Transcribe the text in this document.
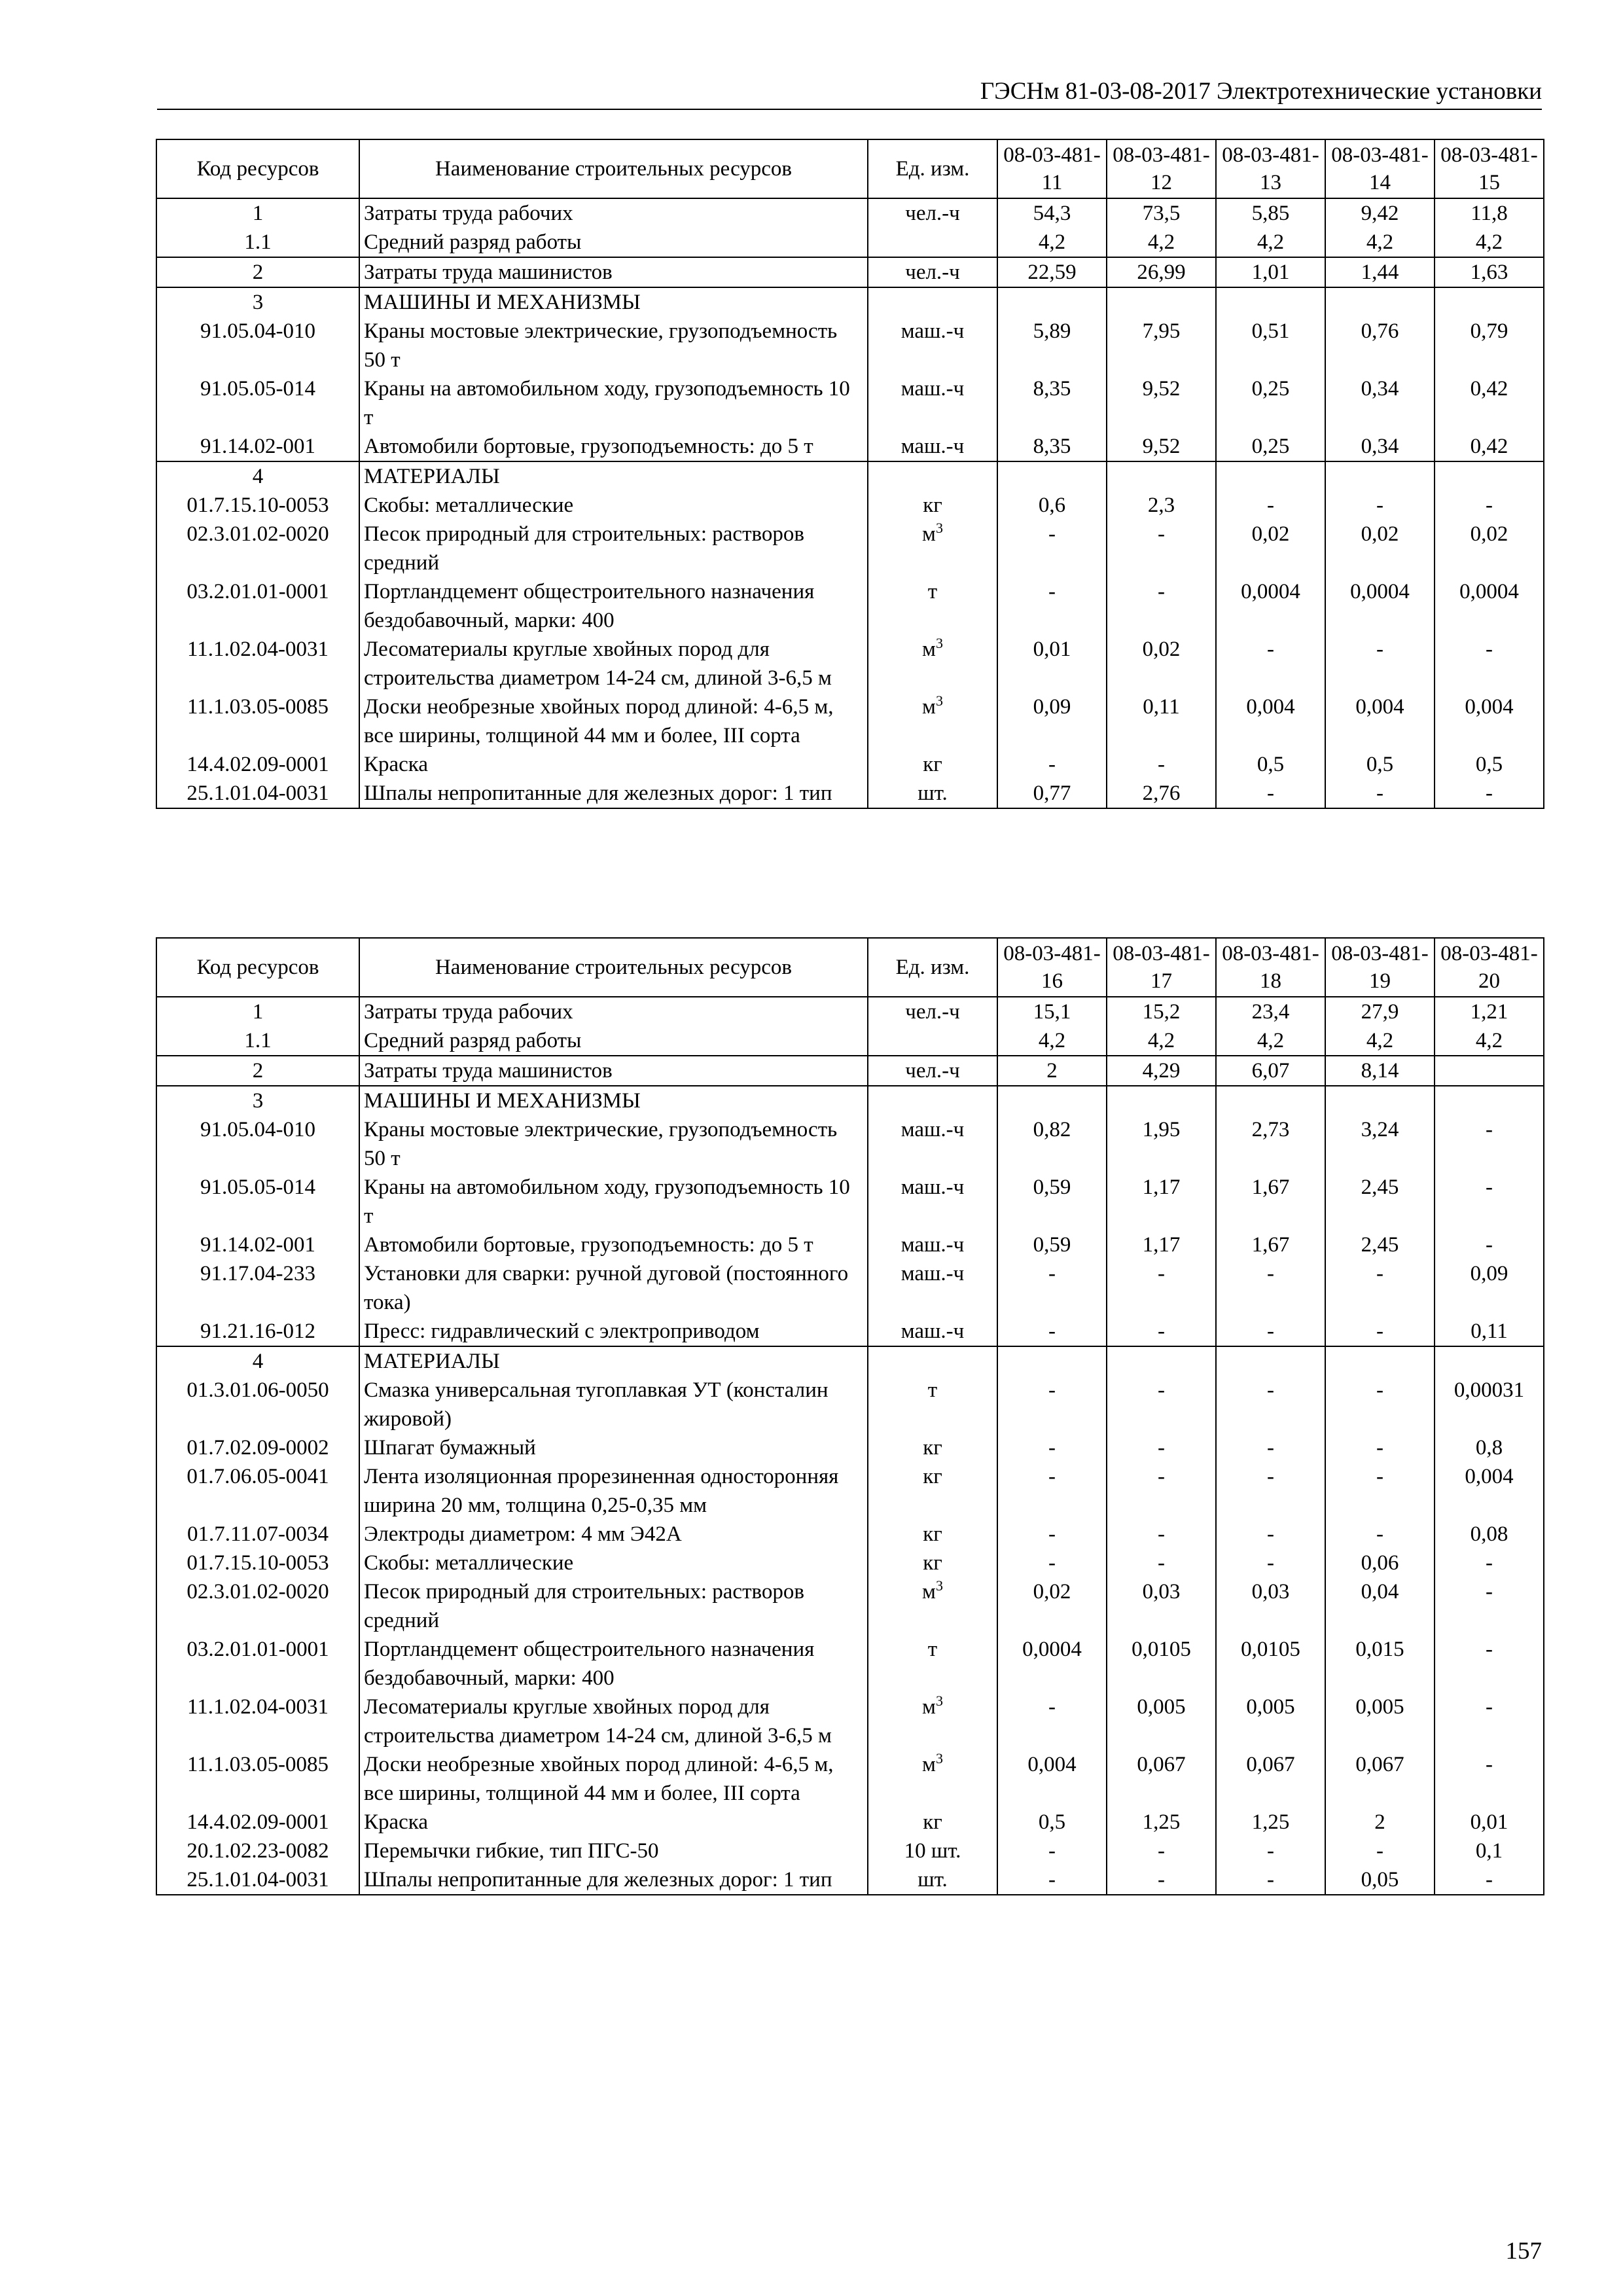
ГЭСНм 81-03-08-2017 Электротехнические установки
Код ресурсов	Наименование строительных ресурсов	Ед. изм.	08-03-481-11	08-03-481-12	08-03-481-13	08-03-481-14	08-03-481-15
1	Затраты труда рабочих	чел.-ч	54,3	73,5	5,85	9,42	11,8
1.1	Средний разряд работы		4,2	4,2	4,2	4,2	4,2
2	Затраты труда машинистов	чел.-ч	22,59	26,99	1,01	1,44	1,63
3	МАШИНЫ И МЕХАНИЗМЫ						
91.05.04-010	Краны мостовые электрические, грузоподъемность 50 т	маш.-ч	5,89	7,95	0,51	0,76	0,79
91.05.05-014	Краны на автомобильном ходу, грузоподъемность 10 т	маш.-ч	8,35	9,52	0,25	0,34	0,42
91.14.02-001	Автомобили бортовые, грузоподъемность: до 5 т	маш.-ч	8,35	9,52	0,25	0,34	0,42
4	МАТЕРИАЛЫ						
01.7.15.10-0053	Скобы: металлические	кг	0,6	2,3	-	-	-
02.3.01.02-0020	Песок природный для строительных: растворов средний	$м^3$	-	-	0,02	0,02	0,02
03.2.01.01-0001	Портландцемент общестроительного назначения бездобавочный, марки: 400	т	-	-	0,0004	0,0004	0,0004
11.1.02.04-0031	Лесоматериалы круглые хвойных пород для строительства диаметром 14-24 см, длиной 3-6,5 м	$м^3$	0,01	0,02	-	-	-
11.1.03.05-0085	Доски необрезные хвойных пород длиной: 4-6,5 м, все ширины, толщиной 44 мм и более, III сорта	$м^3$	0,09	0,11	0,004	0,004	0,004
14.4.02.09-0001	Краска	кг	-	-	0,5	0,5	0,5
25.1.01.04-0031	Шпалы непропитанные для железных дорог: 1 тип	шт.	0,77	2,76	-	-	-
Код ресурсов	Наименование строительных ресурсов	Ед. изм.	08-03-481-16	08-03-481-17	08-03-481-18	08-03-481-19	08-03-481-20
1	Затраты труда рабочих	чел.-ч	15,1	15,2	23,4	27,9	1,21
1.1	Средний разряд работы		4,2	4,2	4,2	4,2	4,2
2	Затраты труда машинистов	чел.-ч	2	4,29	6,07	8,14	
3	МАШИНЫ И МЕХАНИЗМЫ						
91.05.04-010	Краны мостовые электрические, грузоподъемность 50 т	маш.-ч	0,82	1,95	2,73	3,24	-
91.05.05-014	Краны на автомобильном ходу, грузоподъемность 10 т	маш.-ч	0,59	1,17	1,67	2,45	-
91.14.02-001	Автомобили бортовые, грузоподъемность: до 5 т	маш.-ч	0,59	1,17	1,67	2,45	-
91.17.04-233	Установки для сварки: ручной дуговой (постоянного тока)	маш.-ч	-	-	-	-	0,09
91.21.16-012	Пресс: гидравлический с электроприводом	маш.-ч	-	-	-	-	0,11
4	МАТЕРИАЛЫ						
01.3.01.06-0050	Смазка универсальная тугоплавкая УТ (консталин жировой)	т	-	-	-	-	0,00031
01.7.02.09-0002	Шпагат бумажный	кг	-	-	-	-	0,8
01.7.06.05-0041	Лента изоляционная прорезиненная односторонняя ширина 20 мм, толщина 0,25-0,35 мм	кг	-	-	-	-	0,004
01.7.11.07-0034	Электроды диаметром: 4 мм Э42А	кг	-	-	-	-	0,08
01.7.15.10-0053	Скобы: металлические	кг	-	-	-	0,06	-
02.3.01.02-0020	Песок природный для строительных: растворов средний	$м^3$	0,02	0,03	0,03	0,04	-
03.2.01.01-0001	Портландцемент общестроительного назначения бездобавочный, марки: 400	т	0,0004	0,0105	0,0105	0,015	-
11.1.02.04-0031	Лесоматериалы круглые хвойных пород для строительства диаметром 14-24 см, длиной 3-6,5 м	$м^3$	-	0,005	0,005	0,005	-
11.1.03.05-0085	Доски необрезные хвойных пород длиной: 4-6,5 м, все ширины, толщиной 44 мм и более, III сорта	$м^3$	0,004	0,067	0,067	0,067	-
14.4.02.09-0001	Краска	кг	0,5	1,25	1,25	2	0,01
20.1.02.23-0082	Перемычки гибкие, тип ПГС-50	10 шт.	-	-	-	-	0,1
25.1.01.04-0031	Шпалы непропитанные для железных дорог: 1 тип	шт.	-	-	-	0,05	-
157
